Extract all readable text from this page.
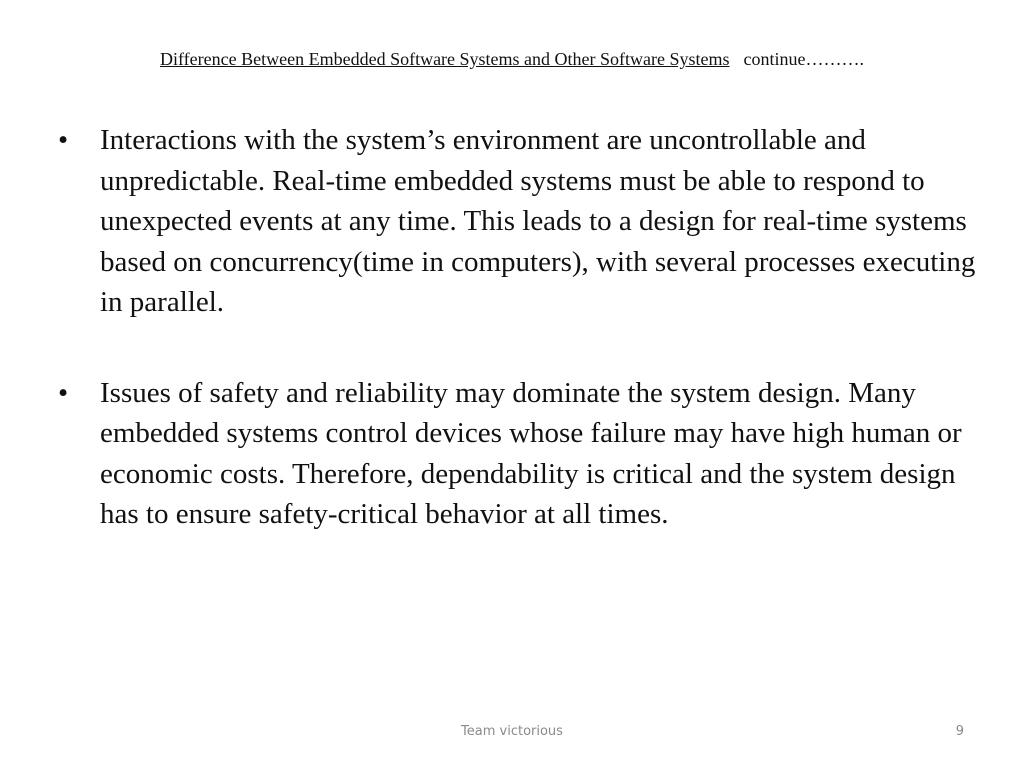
Difference Between Embedded Software Systems and Other Software Systems continue……….
•	Interactions with the system’s environment are uncontrollable and unpredictable. Real-time embedded systems must be able to respond to unexpected events at any time. This leads to a design for real-time systems based on concurrency(time in computers), with several processes executing in parallel.
•	Issues of safety and reliability may dominate the system design. Many embedded systems control devices whose failure may have high human or economic costs. Therefore, dependability is critical and the system design has to ensure safety-critical behavior at all times.
Team victorious	9
